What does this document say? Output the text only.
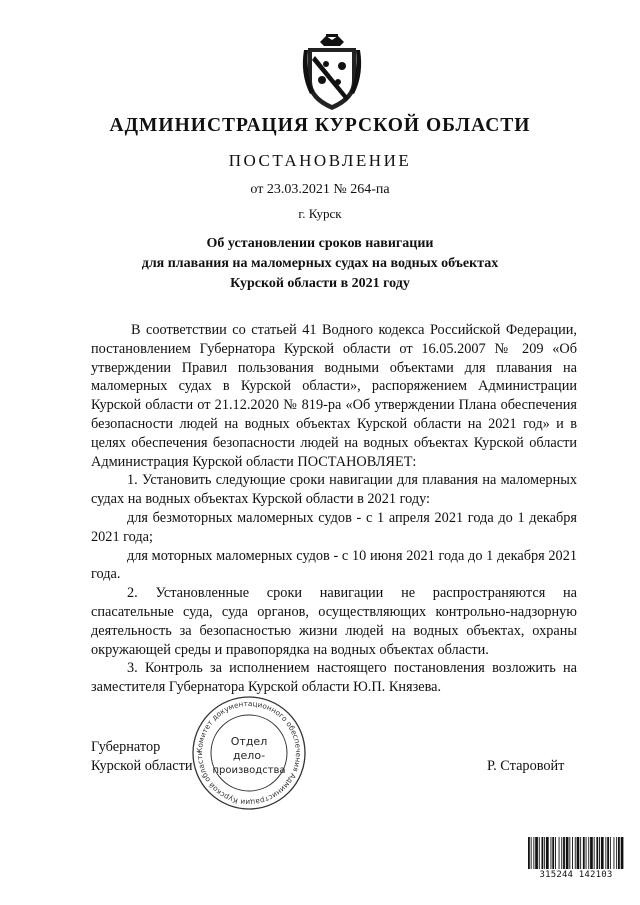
АДМИНИСТРАЦИЯ КУРСКОЙ ОБЛАСТИ
ПОСТАНОВЛЕНИЕ
от 23.03.2021 № 264-па
г. Курск
Об установлении сроков навигации
для плавания на маломерных судах на водных объектах
Курской области в 2021 году

В соответствии со статьей 41 Водного кодекса Российской Федерации, постановлением Губернатора Курской области от 16.05.2007 № 209 «Об утверждении Правил пользования водными объектами для плавания на маломерных судах в Курской области», распоряжением Администрации Курской области от 21.12.2020 № 819-ра «Об утверждении Плана обеспечения безопасности людей на водных объектах Курской области на 2021 год» и в целях обеспечения безопасности людей на водных объектах Курской области Администрация Курской области ПОСТАНОВЛЯЕТ:

1. Установить следующие сроки навигации для плавания на маломерных судах на водных объектах Курской области в 2021 году:

для безмоторных маломерных судов - с 1 апреля 2021 года до 1 декабря 2021 года;

для моторных маломерных судов - с 10 июня 2021 года до 1 декабря 2021 года.

2. Установленные сроки навигации не распространяются на спасательные суда, суда органов, осуществляющих контрольно-надзорную деятельность за безопасностью жизни людей на водных объектах, охраны окружающей среды и правопорядка на водных объектах области.

3. Контроль за исполнением настоящего постановления возложить на заместителя Губернатора Курской области Ю.П. Князева.

Губернатор
Курской области	Р. Старовойт
Комитет документационного обеспечения Администрации Курской области
Отдел
дело-
производства
315244 142103
